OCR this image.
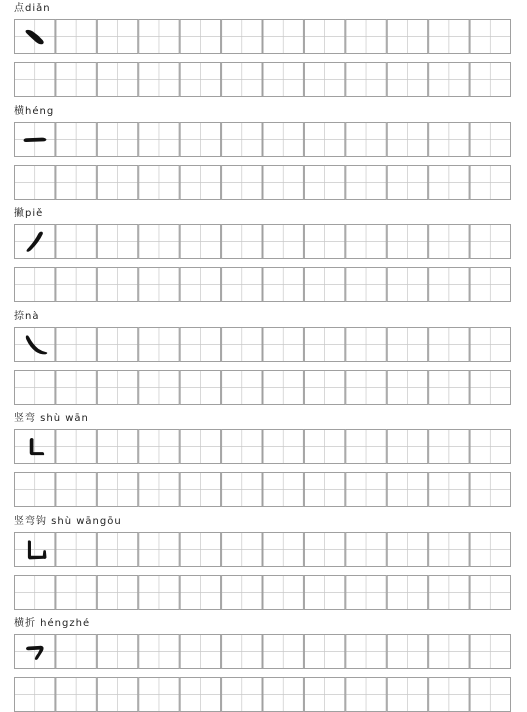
点diǎn
横héng
撇piě
捺nà
竖弯 shù wān
竖弯钩 shù wāngōu
横折 héngzhé
